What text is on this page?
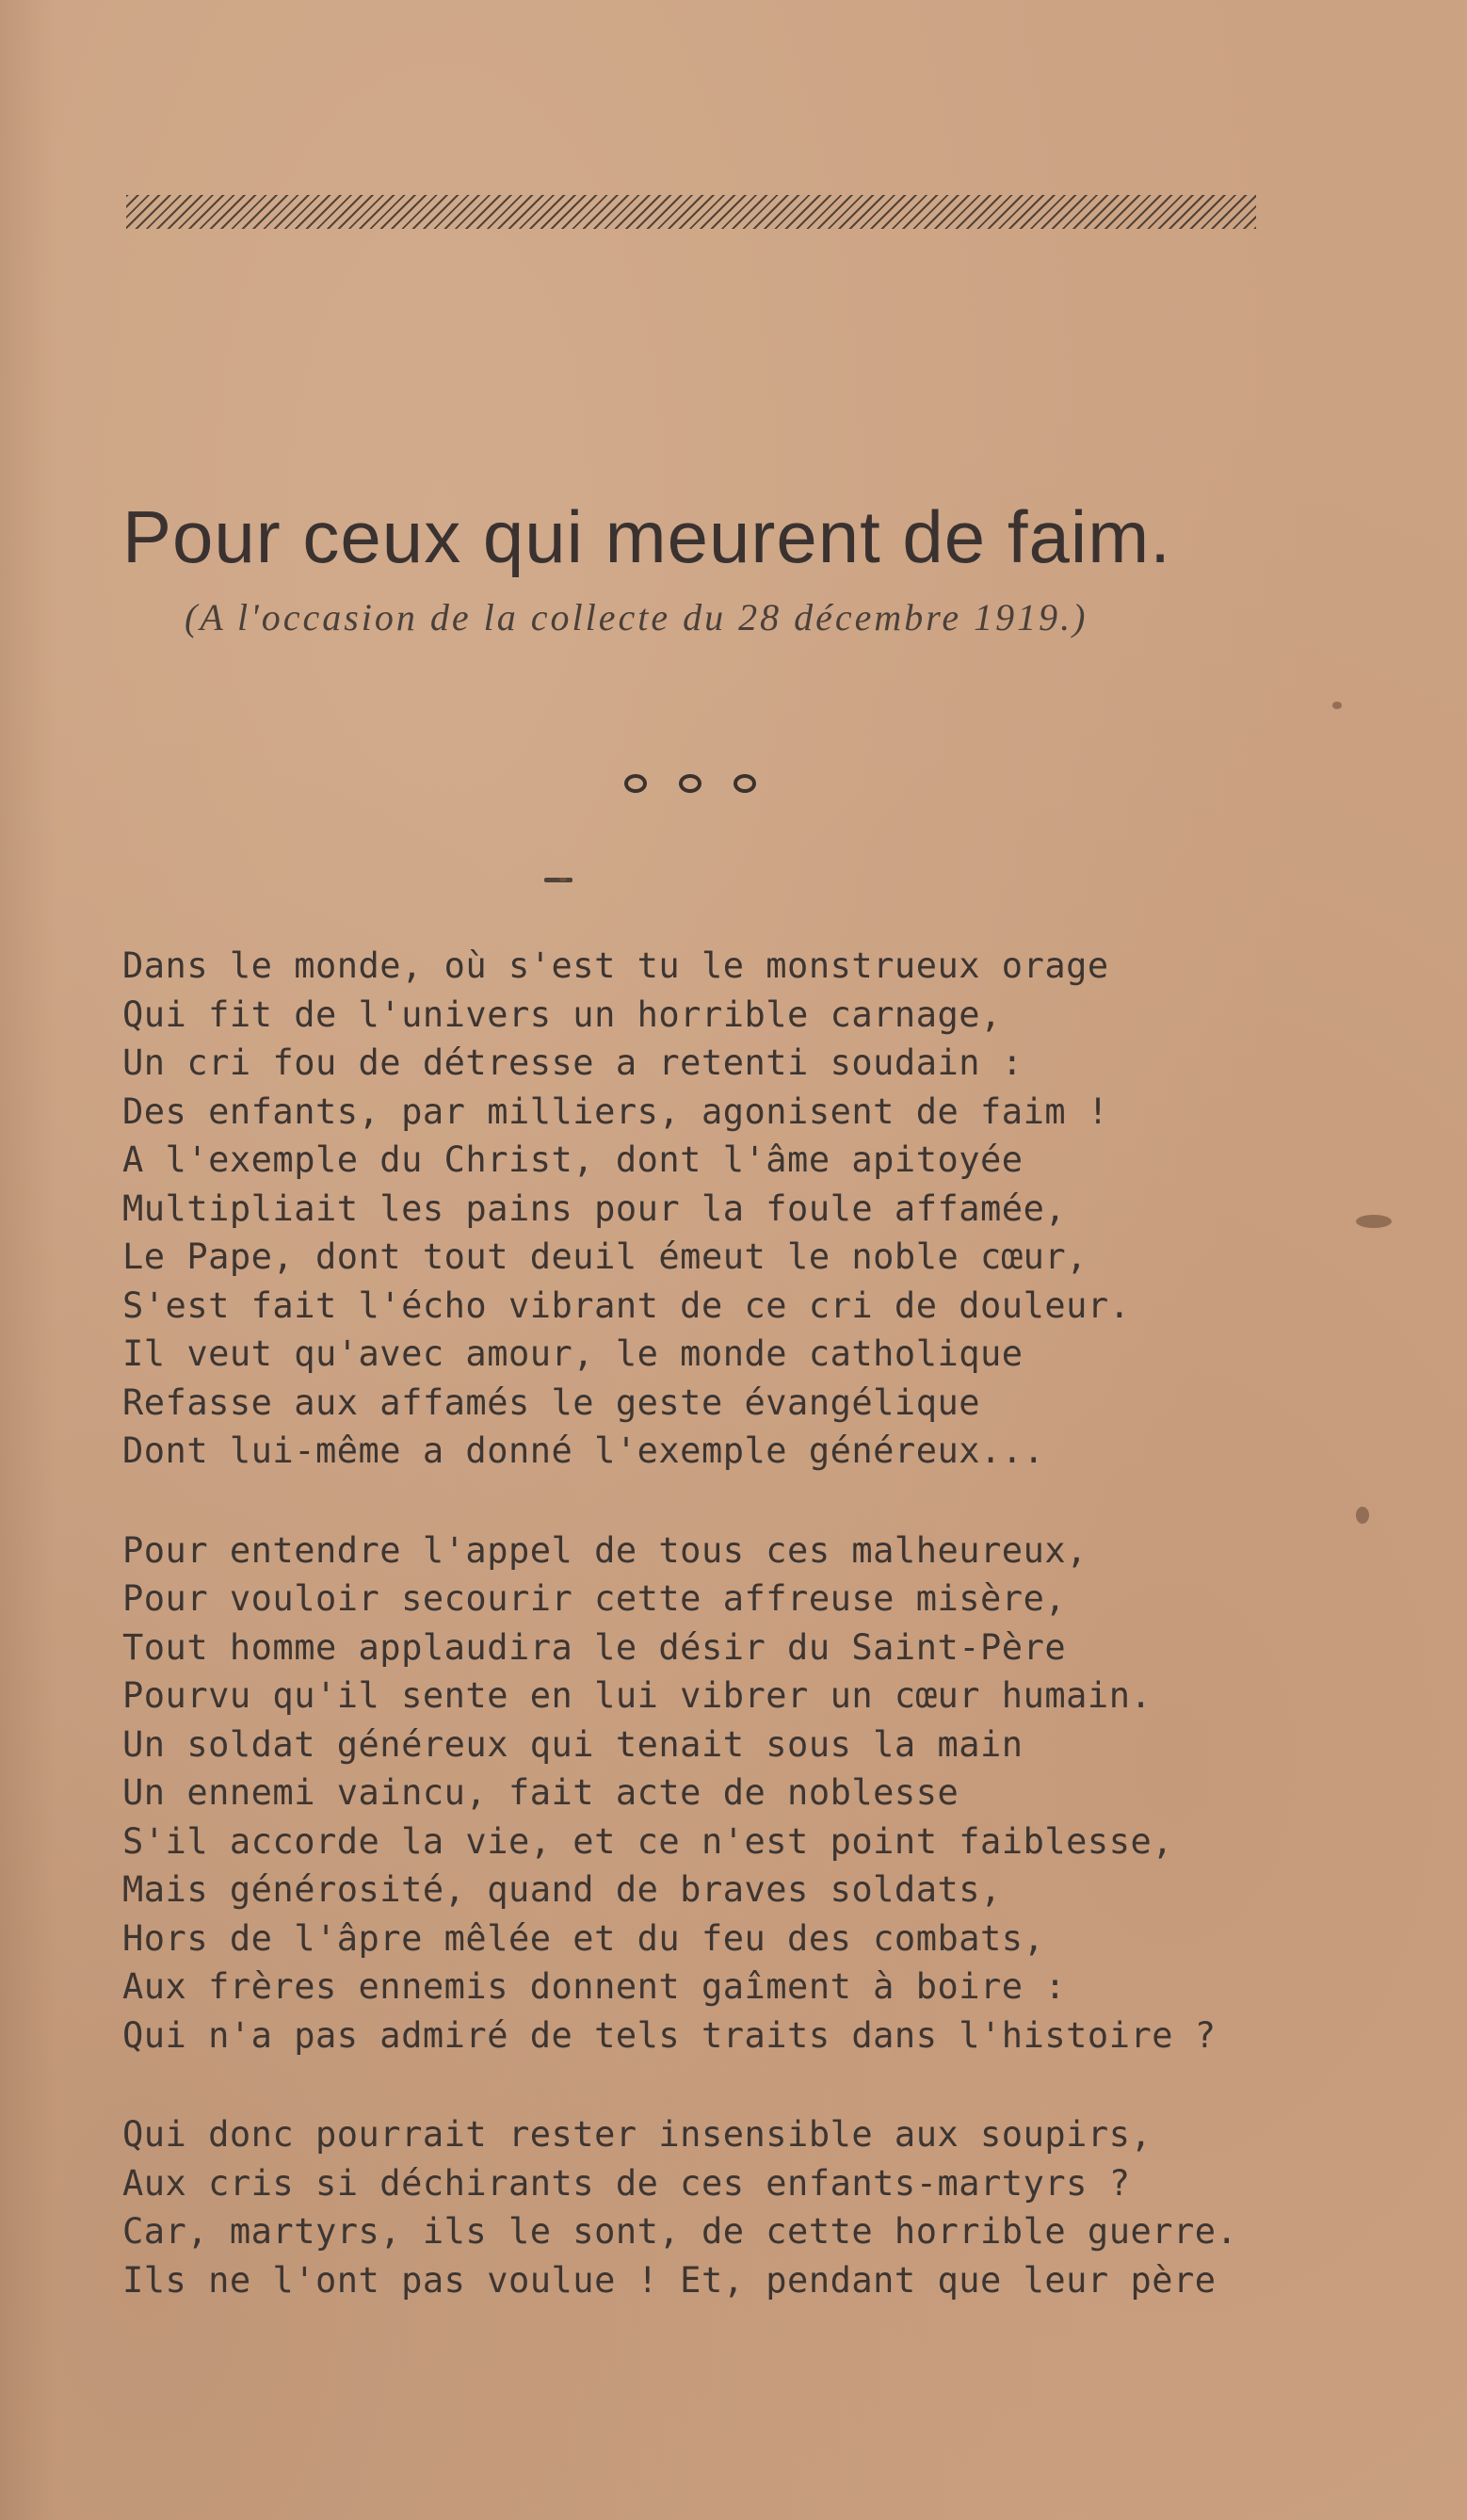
Pour ceux qui meurent de faim.
(A l'occasion de la collecte du 28 décembre 1919.)
Dans le monde, où s'est tu le monstrueux orage
Qui fit de l'univers un horrible carnage,
Un cri fou de détresse a retenti soudain :
Des enfants, par milliers, agonisent de faim !
A l'exemple du Christ, dont l'âme apitoyée
Multipliait les pains pour la foule affamée,
Le Pape, dont tout deuil émeut le noble cœur,
S'est fait l'écho vibrant de ce cri de douleur.
Il veut qu'avec amour, le monde catholique
Refasse aux affamés le geste évangélique
Dont lui-même a donné l'exemple généreux...
Pour entendre l'appel de tous ces malheureux,
Pour vouloir secourir cette affreuse misère,
Tout homme applaudira le désir du Saint-Père
Pourvu qu'il sente en lui vibrer un cœur humain.
Un soldat généreux qui tenait sous la main
Un ennemi vaincu, fait acte de noblesse
S'il accorde la vie, et ce n'est point faiblesse,
Mais générosité, quand de braves soldats,
Hors de l'âpre mêlée et du feu des combats,
Aux frères ennemis donnent gaîment à boire :
Qui n'a pas admiré de tels traits dans l'histoire ?
Qui donc pourrait rester insensible aux soupirs,
Aux cris si déchirants de ces enfants-martyrs ?
Car, martyrs, ils le sont, de cette horrible guerre.
Ils ne l'ont pas voulue ! Et, pendant que leur père
